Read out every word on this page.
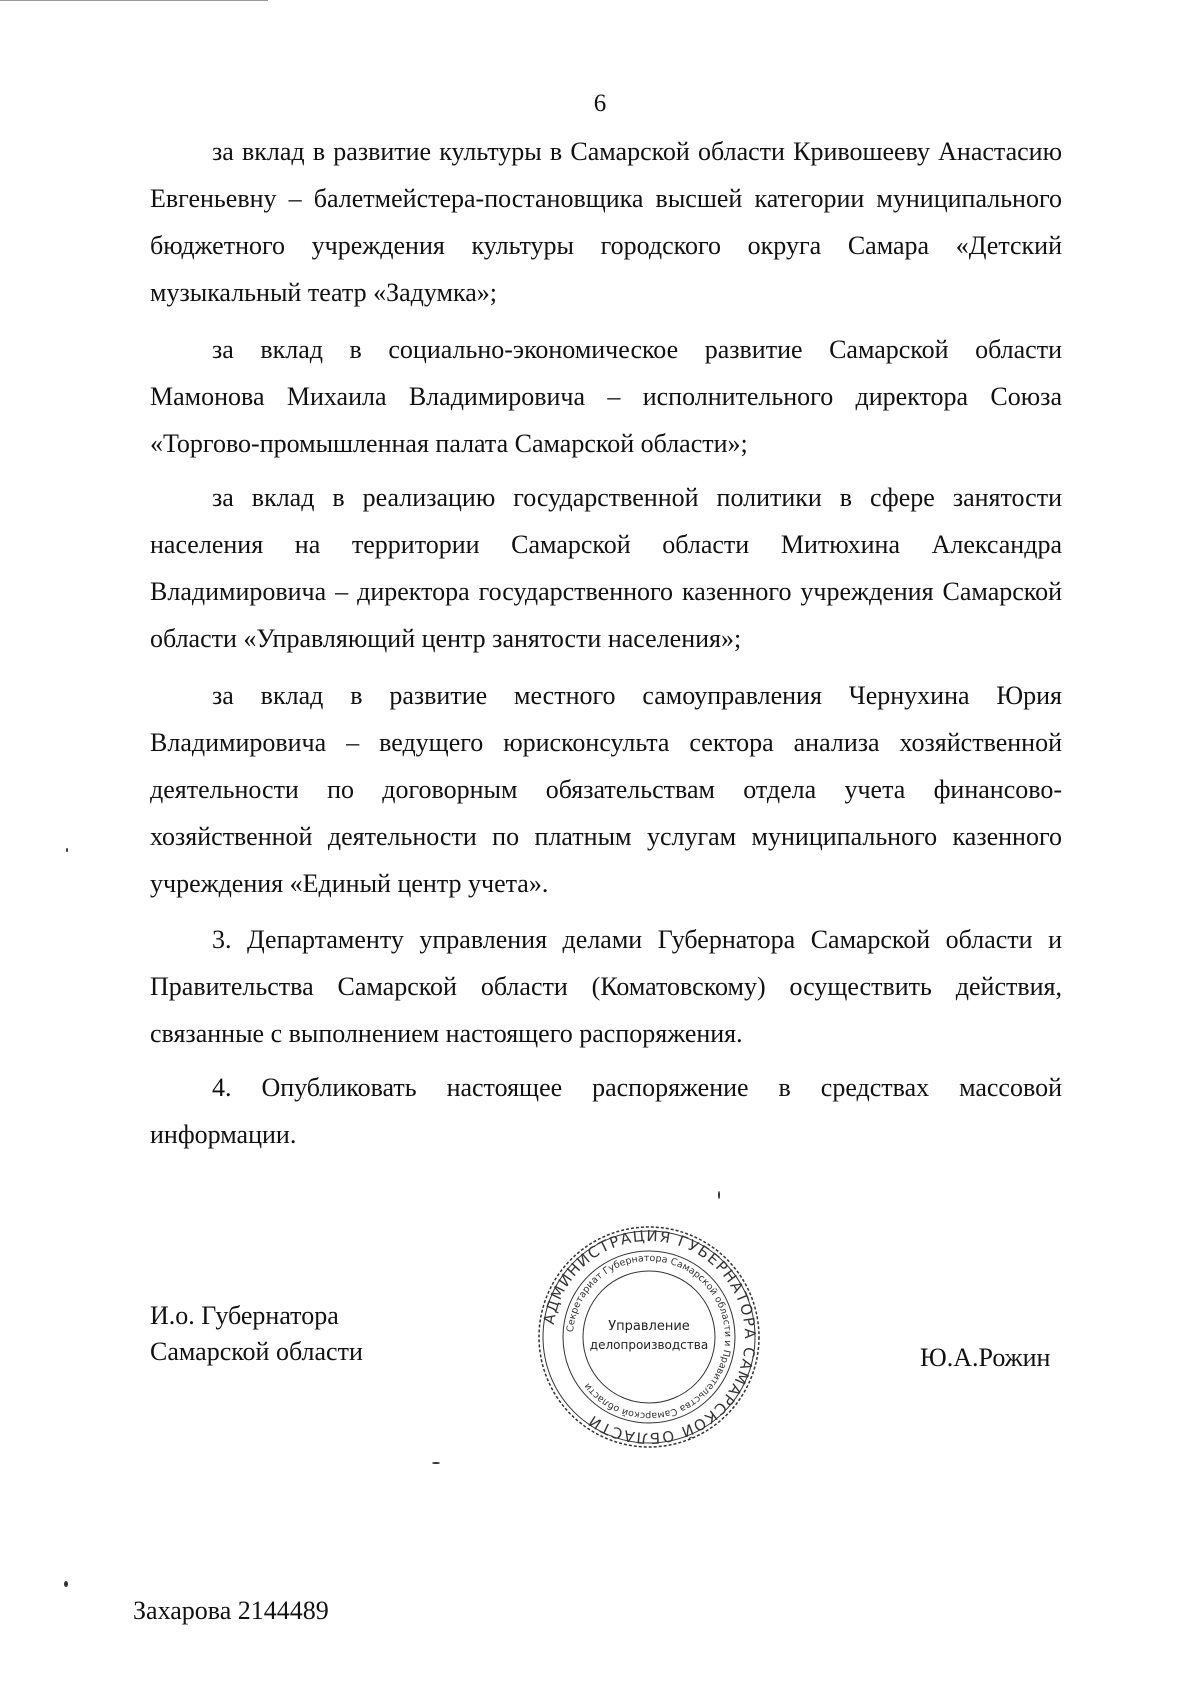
6

за вклад в развитие культуры в Самарской области Кривошееву Анастасию Евгеньевну – балетмейстера-постановщика высшей категории муниципального бюджетного учреждения культуры городского округа Самара «Детский музыкальный театр «Задумка»;

за вклад в социально-экономическое развитие Самарской области Мамонова Михаила Владимировича – исполнительного директора Союза «Торгово-промышленная палата Самарской области»;

за вклад в реализацию государственной политики в сфере занятости населения на территории Самарской области Митюхина Александра Владимировича – директора государственного казенного учреждения Самарской области «Управляющий центр занятости населения»;

за вклад в развитие местного самоуправления Чернухина Юрия Владимировича – ведущего юрисконсульта сектора анализа хозяйственной деятельности по договорным обязательствам отдела учета финансово-хозяйственной деятельности по платным услугам муниципального казенного учреждения «Единый центр учета».

3. Департаменту управления делами Губернатора Самарской области и Правительства Самарской области (Коматовскому) осуществить действия, связанные с выполнением настоящего распоряжения.

4. Опубликовать настоящее распоряжение в средствах массовой информации.

И.о. Губернатора
Самарской области
АДМИНИСТРАЦИЯ ГУБЕРНАТОРА САМАРСКОЙ ОБЛАСТИ
Секретариат Губернатора Самарской области и Правительства Самарской области
Управление
делопроизводства	Ю.А.Рожин
Захарова 2144489
